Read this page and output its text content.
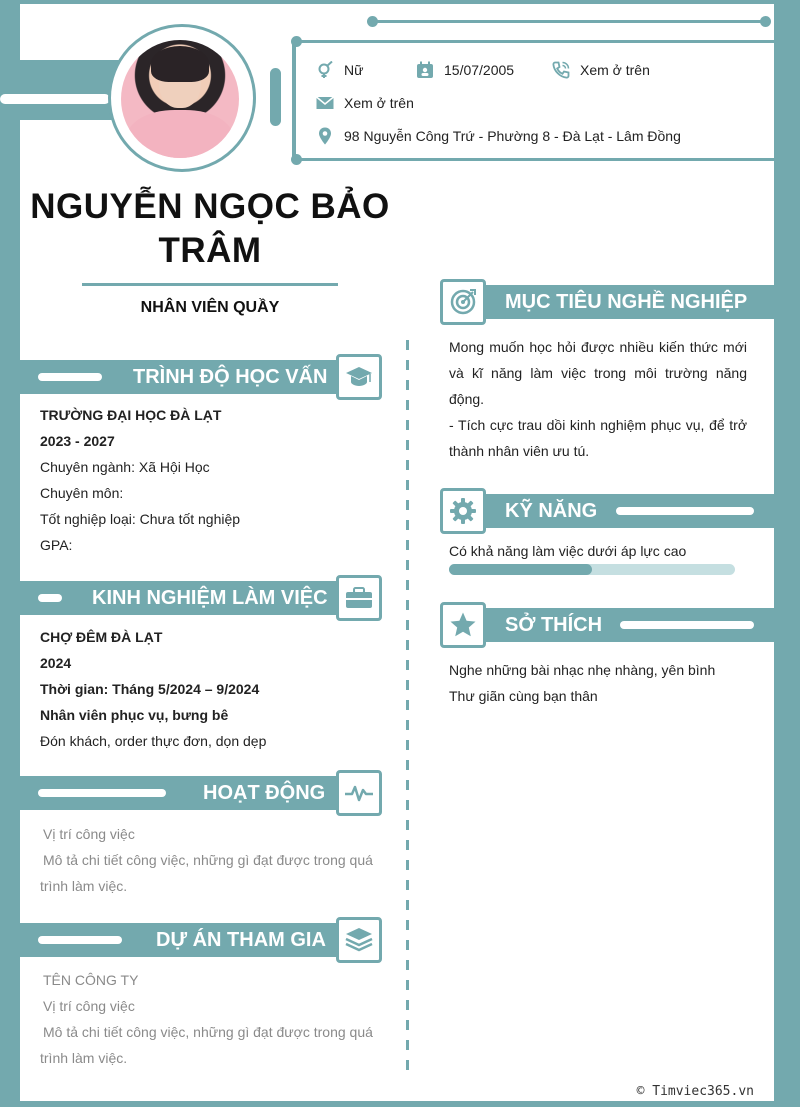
Nữ	15/07/2005	Xem ở trên
Xem ở trên
98 Nguyễn Công Trứ - Phường 8 - Đà Lạt - Lâm Đồng
NGUYỄN NGỌC BẢO TRÂM
NHÂN VIÊN QUẦY
TRÌNH ĐỘ HỌC VẤN
TRƯỜNG ĐẠI HỌC ĐÀ LẠT
2023 - 2027
Chuyên ngành: Xã Hội Học
Chuyên môn:
Tốt nghiệp loại: Chưa tốt nghiệp
GPA:
KINH NGHIỆM LÀM VIỆC
CHỢ ĐÊM ĐÀ LẠT
2024
Thời gian: Tháng 5/2024 – 9/2024
Nhân viên phục vụ, bưng bê
Đón khách, order thực đơn, dọn dẹp
HOẠT ĐỘNG
Vị trí công việc
Mô tả chi tiết công việc, những gì đạt được trong quá trình làm việc.
DỰ ÁN THAM GIA
TÊN CÔNG TY
Vị trí công việc
Mô tả chi tiết công việc, những gì đạt được trong quá trình làm việc.
MỤC TIÊU NGHỀ NGHIỆP
Mong muốn học hỏi được nhiều kiến thức mới và kĩ năng làm việc trong môi trường năng động.
- Tích cực trau dồi kinh nghiệm phục vụ, để trở thành nhân viên ưu tú.
KỸ NĂNG
Có khả năng làm việc dưới áp lực cao
SỞ THÍCH
Nghe những bài nhạc nhẹ nhàng, yên bình
Thư giãn cùng bạn thân
© Timviec365.vn
